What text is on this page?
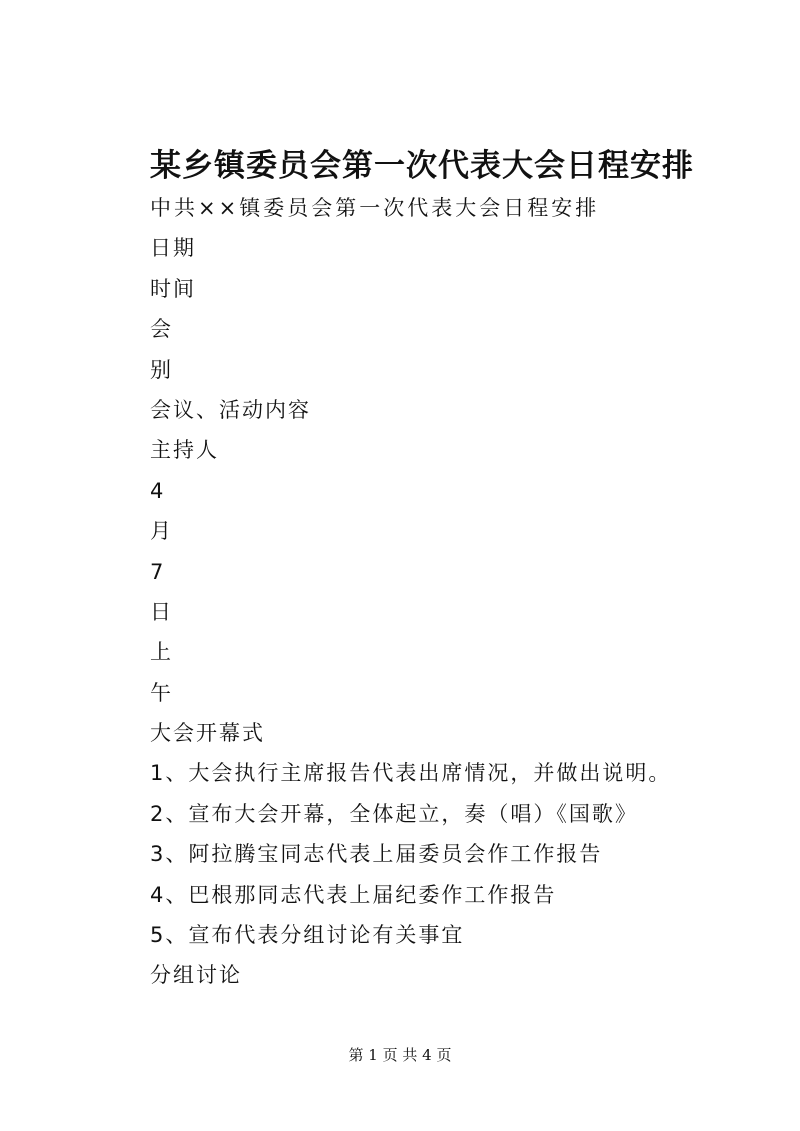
某乡镇委员会第一次代表大会日程安排
中共××镇委员会第一次代表大会日程安排
日期
时间
会
别
会议、活动内容
主持人
4
月
7
日
上
午
大会开幕式
1、大会执行主席报告代表出席情况，并做出说明。
2、宣布大会开幕，全体起立，奏（唱）《国歌》
3、阿拉腾宝同志代表上届委员会作工作报告
4、巴根那同志代表上届纪委作工作报告
5、宣布代表分组讨论有关事宜
分组讨论
第 1 页 共 4 页
